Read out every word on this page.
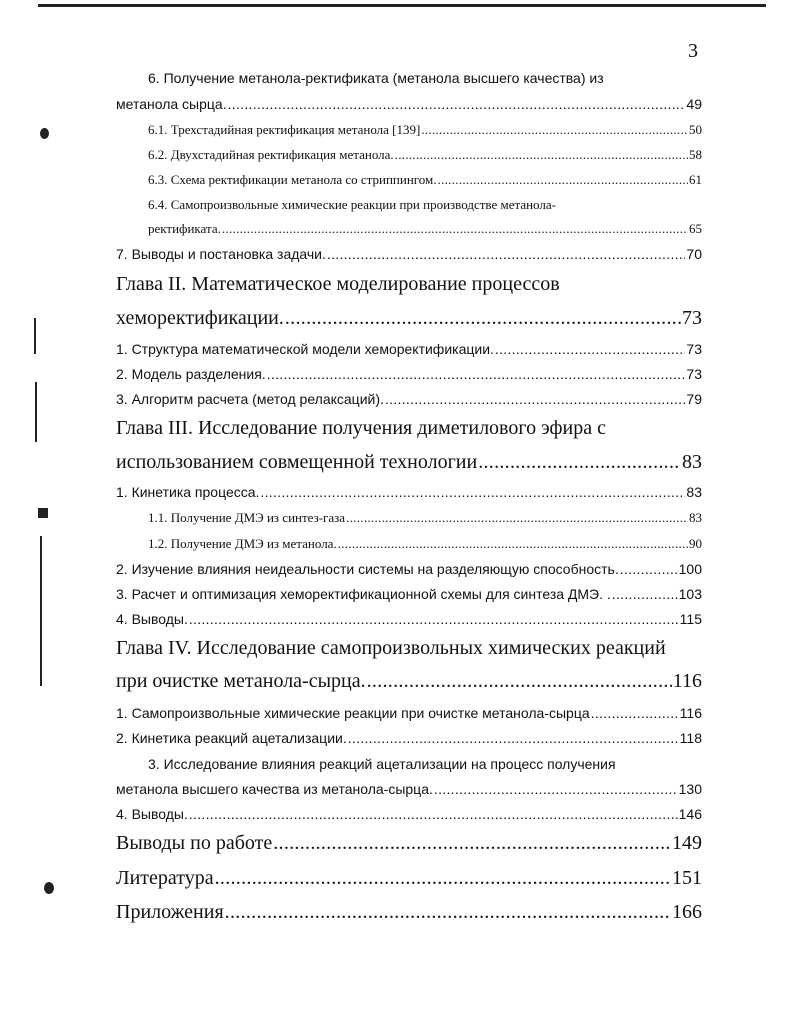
3
6. Получение метанола-ректификата (метанола высшего качества) из
метанола сырца. .....	49
6.1. Трехстадийная ректификация метанола [139] .....	50
6.2. Двухстадийная ректификация метанола. .....	58
6.3. Схема ректификации метанола со стриппингом. .....	61
6.4. Самопроизвольные химические реакции при производстве метанола-
ректификата. .....	65
7. Выводы и постановка задачи. .....	70
Глава II. Математическое моделирование процессов
хеморектификации. .....	73
1. Структура математической модели хеморектификации. .....	73
2. Модель разделения. .....	73
3. Алгоритм расчета (метод релаксаций). .....	79
Глава III. Исследование получения диметилового эфира с
использованием совмещенной технологии .....	83
1. Кинетика процесса. .....	83
1.1. Получение ДМЭ из синтез-газа .....	83
1.2. Получение ДМЭ из метанола. .....	90
2. Изучение влияния неидеальности системы на разделяющую способность. .....	100
3. Расчет и оптимизация хеморектификационной схемы для синтеза ДМЭ. . .....	103
4. Выводы. .....	115
Глава IV. Исследование самопроизвольных химических реакций
при очистке метанола-сырца. .....	116
1. Самопроизвольные химические реакции при очистке метанола-сырца .....	116
2. Кинетика реакций ацетализации. .....	118
3. Исследование влияния реакций ацетализации на процесс получения
метанола высшего качества из метанола-сырца. .....	130
4. Выводы. .....	146
Выводы по работе .....	149
Литература .....	151
Приложения .....	166
